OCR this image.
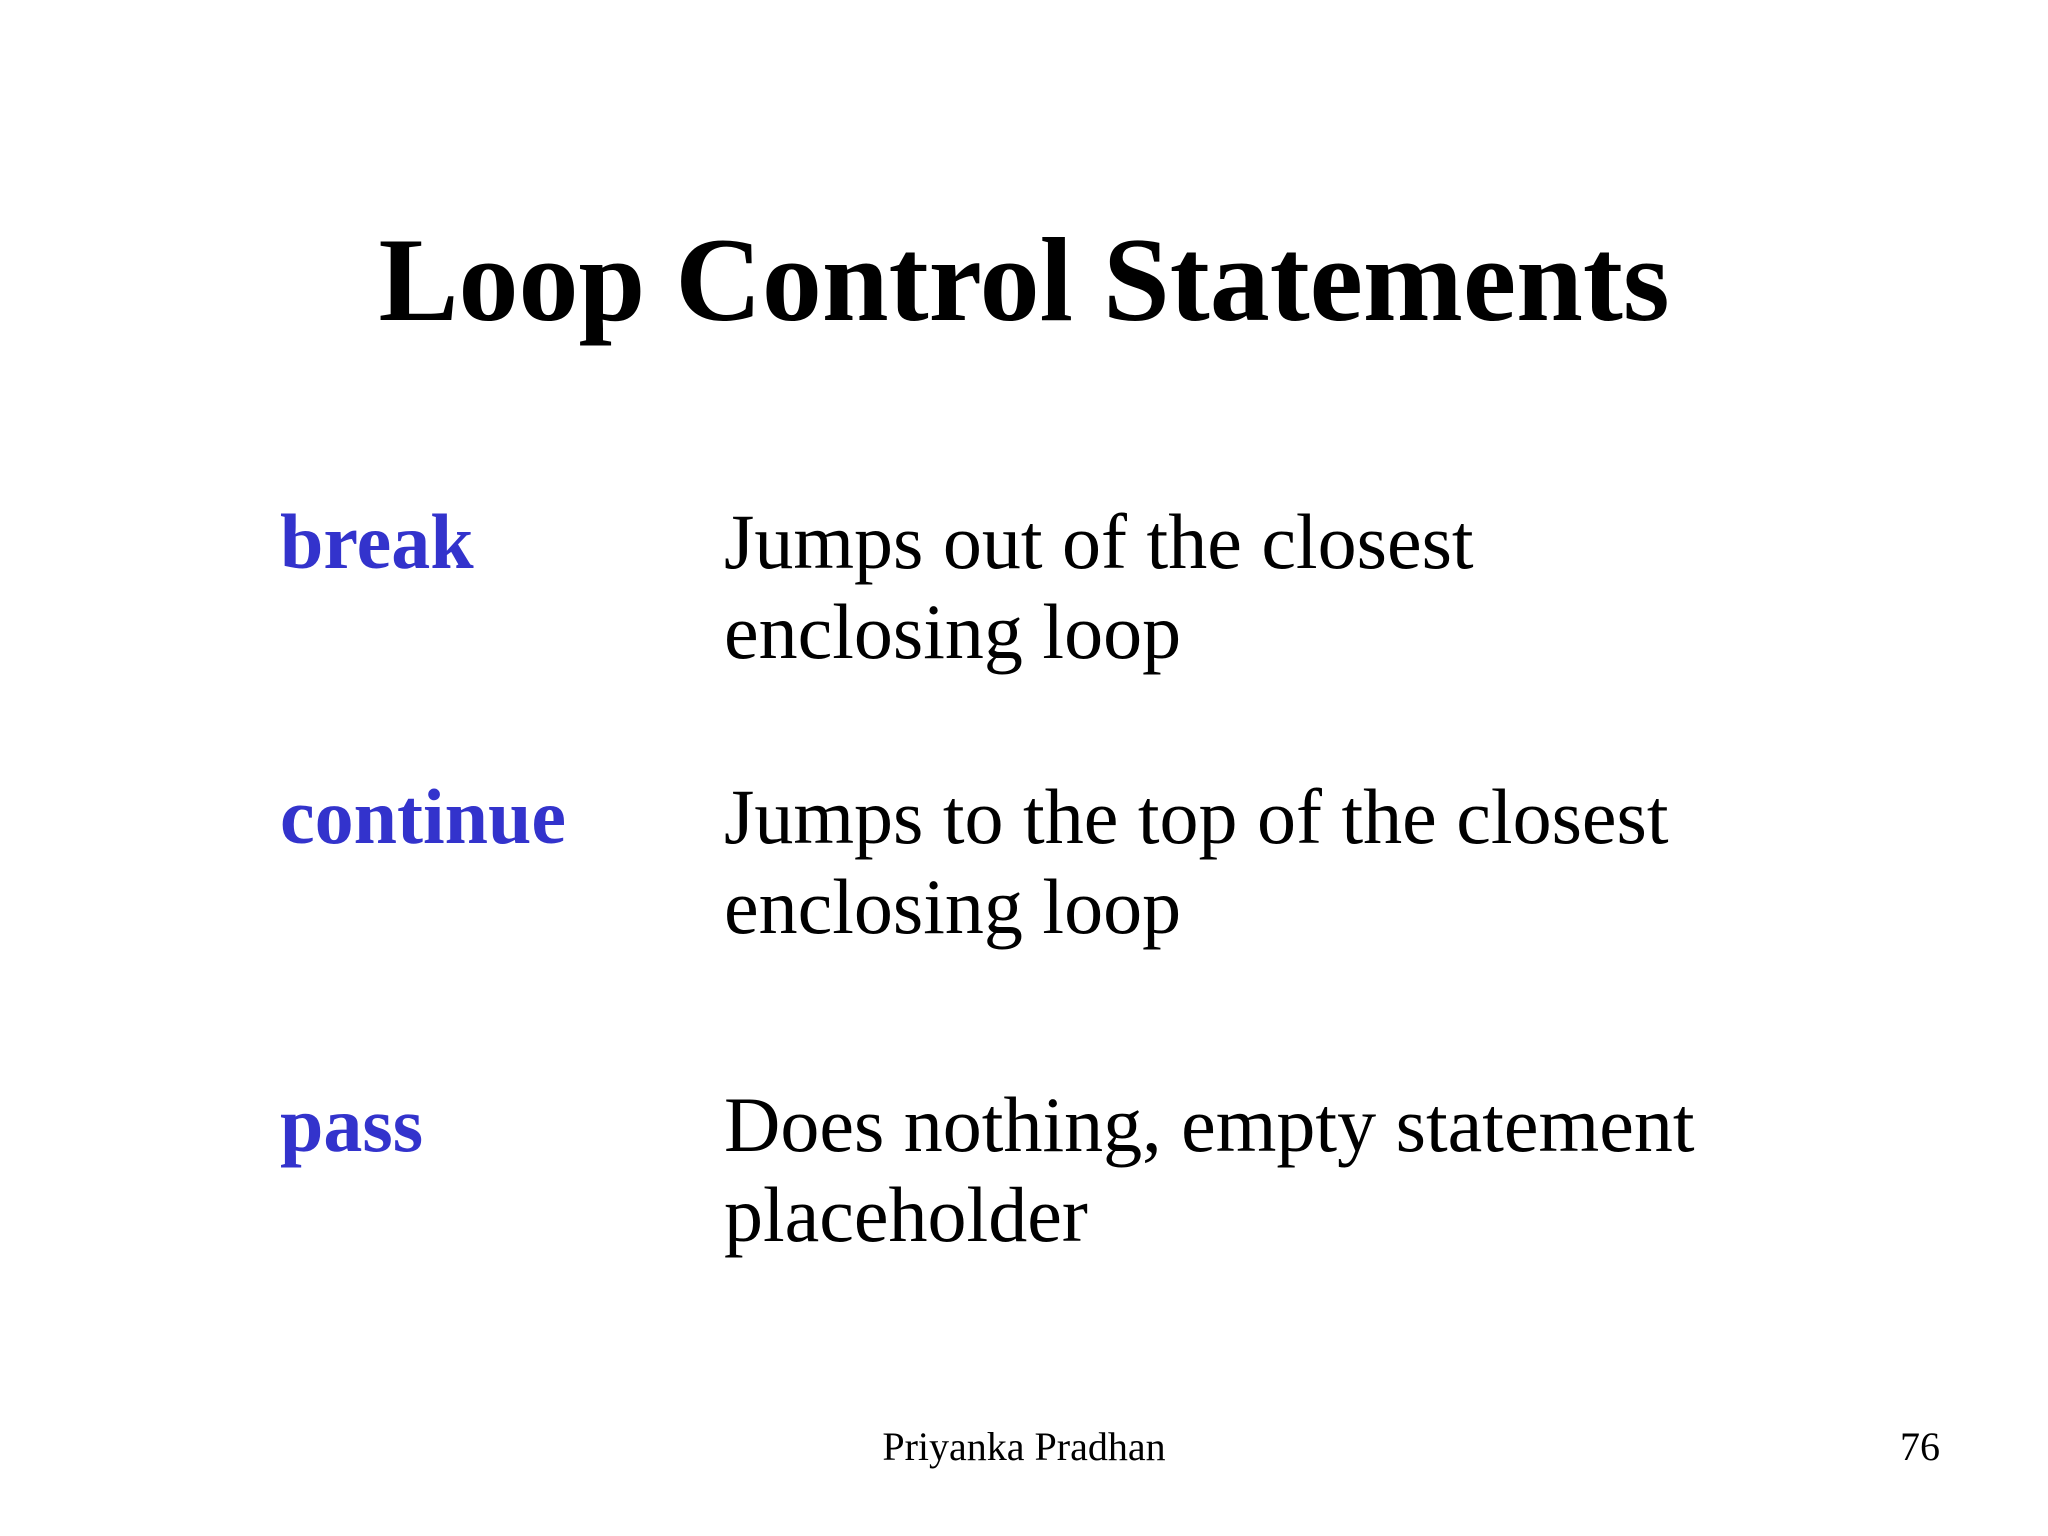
Loop Control Statements
break	Jumps out of the closest
enclosing loop
continue Jumps to the top of the closest
enclosing loop
pass	Does nothing, empty statement
placeholder
Priyanka Pradhan	76
